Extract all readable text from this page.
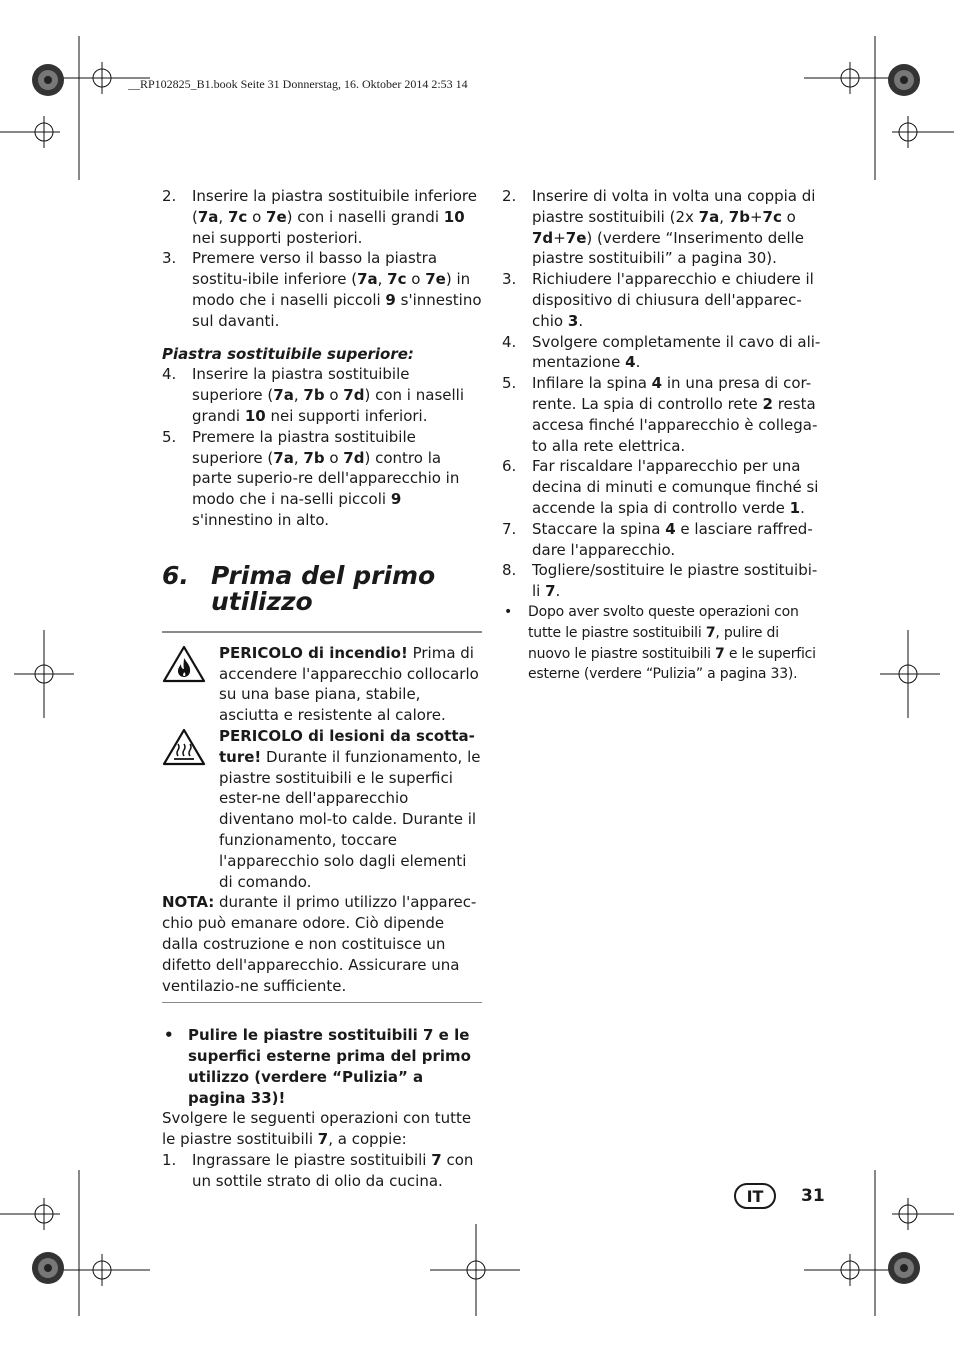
__RP102825_B1.book Seite 31 Donnerstag, 16. Oktober 2014 2:53 14
2. Inserire la piastra sostituibile inferiore (7a, 7c o 7e) con i naselli grandi 10 nei supporti posteriori.
3. Premere verso il basso la piastra sostitu-ibile inferiore (7a, 7c o 7e) in modo che i naselli piccoli 9 s'innestino sul davanti.
Piastra sostituibile superiore:
4. Inserire la piastra sostituibile superiore (7a, 7b o 7d) con i naselli grandi 10 nei supporti inferiori.
5. Premere la piastra sostituibile superiore (7a, 7b o 7d) contro la parte superio-re dell'apparecchio in modo che i na-selli piccoli 9 s'innestino in alto.
6. Prima del primo
utilizzo
PERICOLO di incendio! Prima di accendere l'apparecchio collocarlo su una base piana, stabile, asciutta e resistente al calore.
PERICOLO di lesioni da scotta-ture! Durante il funzionamento, le piastre sostituibili e le superfici ester-ne dell'apparecchio diventano mol-to calde. Durante il funzionamento, toccare l'apparecchio solo dagli elementi di comando.
NOTA: durante il primo utilizzo l'apparec-chio può emanare odore. Ciò dipende dalla costruzione e non costituisce un difetto dell'apparecchio. Assicurare una ventilazio-ne sufficiente.
• Pulire le piastre sostituibili 7 e le superfici esterne prima del primo utilizzo (verdere “Pulizia” a pagina 33)!
Svolgere le seguenti operazioni con tutte le piastre sostituibili 7, a coppie:
1. Ingrassare le piastre sostituibili 7 con un sottile strato di olio da cucina.
2. Inserire di volta in volta una coppia di piastre sostituibili (2x 7a, 7b+7c o 7d+7e) (verdere “Inserimento delle piastre sostituibili” a pagina 30).
3. Richiudere l'apparecchio e chiudere il dispositivo di chiusura dell'apparec-chio 3.
4. Svolgere completamente il cavo di ali-mentazione 4.
5. Infilare la spina 4 in una presa di cor-rente. La spia di controllo rete 2 resta accesa finché l'apparecchio è collega-to alla rete elettrica.
6. Far riscaldare l'apparecchio per una decina di minuti e comunque finché si accende la spia di controllo verde 1.
7. Staccare la spina 4 e lasciare raffred-dare l'apparecchio.
8. Togliere/sostituire le piastre sostituibi-li 7.
• Dopo aver svolto queste operazioni con tutte le piastre sostituibili 7, pulire di nuovo le piastre sostituibili 7 e le superfici esterne (verdere “Pulizia” a pagina 33).
IT	31
